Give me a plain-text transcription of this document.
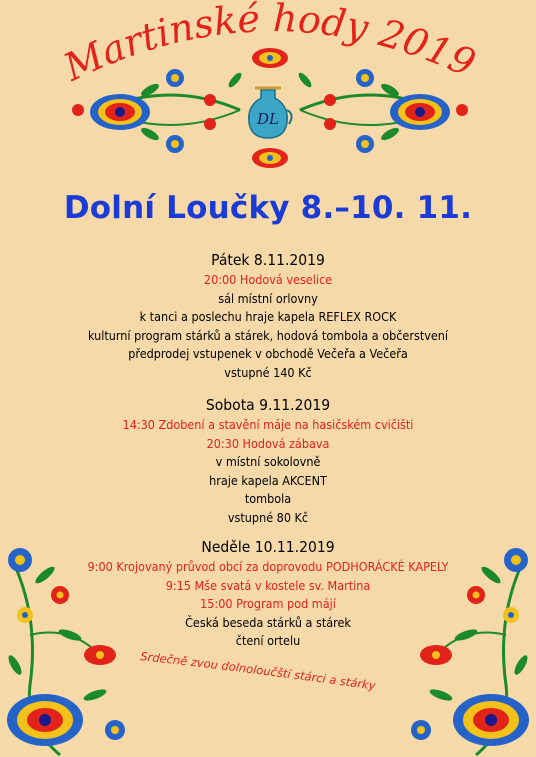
Martinské hody 2019
DL
Dolní Loučky 8.–10. 11.
Pátek 8.11.2019
20:00 Hodová veselice
sál místní orlovny
k tanci a poslechu hraje kapela REFLEX ROCK
kulturní program stárků a stárek, hodová tombola a občerstvení
předprodej vstupenek v obchodě Večeřa a Večeřa
vstupné 140 Kč
Sobota 9.11.2019
14:30 Zdobení a stavění máje na hasičském cvičišti
20:30 Hodová zábava
v místní sokolovně
hraje kapela AKCENT
tombola
vstupné 80 Kč
Neděle 10.11.2019
9:00 Krojovaný průvod obcí za doprovodu PODHORÁCKÉ KAPELY
9:15 Mše svatá v kostele sv. Martina
15:00 Program pod májí
Česká beseda stárků a stárek
čtení ortelu
Srdečně zvou dolnoloučští stárci a stárky
